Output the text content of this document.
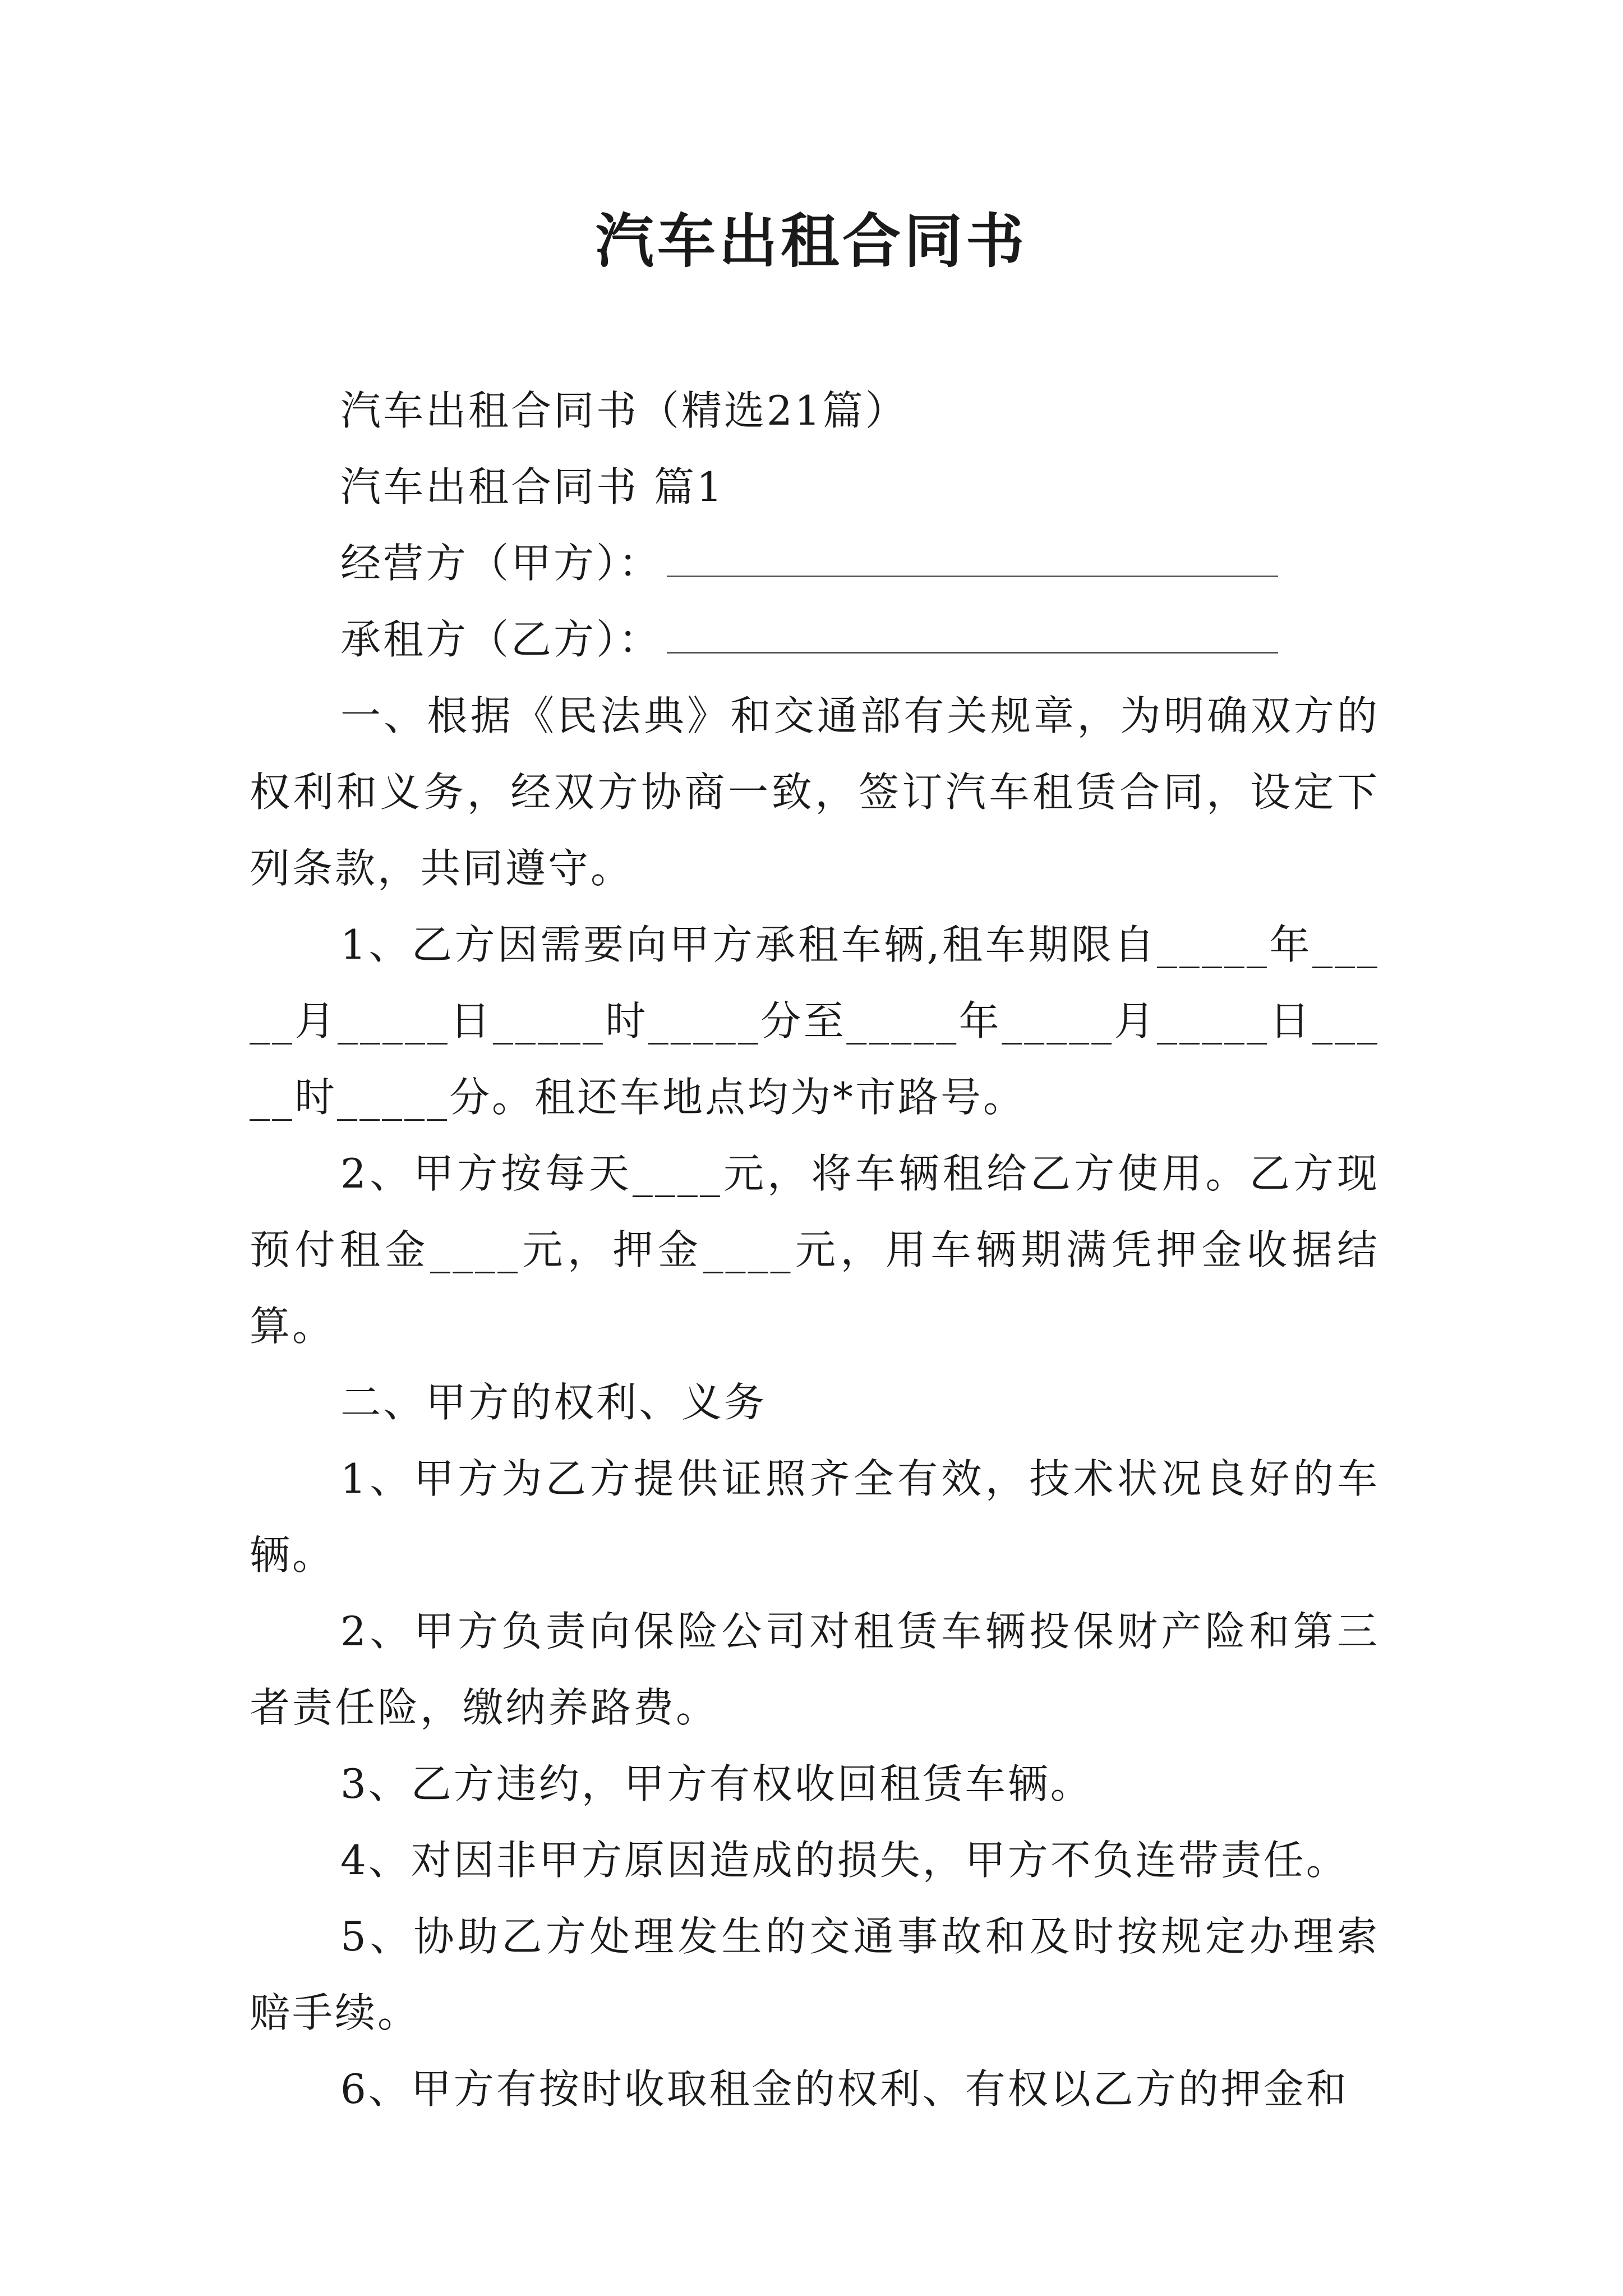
汽车出租合同书

汽车出租合同书（精选21篇）

汽车出租合同书 篇1

经营方（甲方）：

承租方（乙方）：

一、根据《民法典》和交通部有关规章，为明确双方的权利和义务，经双方协商一致，签订汽车租赁合同，设定下列条款，共同遵守。

1、乙方因需要向甲方承租车辆,租车期限自_____年_____月_____日_____时_____分至_____年_____月_____日_____时_____分。租还车地点均为*市路号。

2、甲方按每天____元，将车辆租给乙方使用。乙方现预付租金____元，押金____元，用车辆期满凭押金收据结算。

二、甲方的权利、义务

1、甲方为乙方提供证照齐全有效，技术状况良好的车辆。

2、甲方负责向保险公司对租赁车辆投保财产险和第三者责任险，缴纳养路费。

3、乙方违约，甲方有权收回租赁车辆。

4、对因非甲方原因造成的损失，甲方不负连带责任。

5、协助乙方处理发生的交通事故和及时按规定办理索赔手续。

6、甲方有按时收取租金的权利、有权以乙方的押金和
